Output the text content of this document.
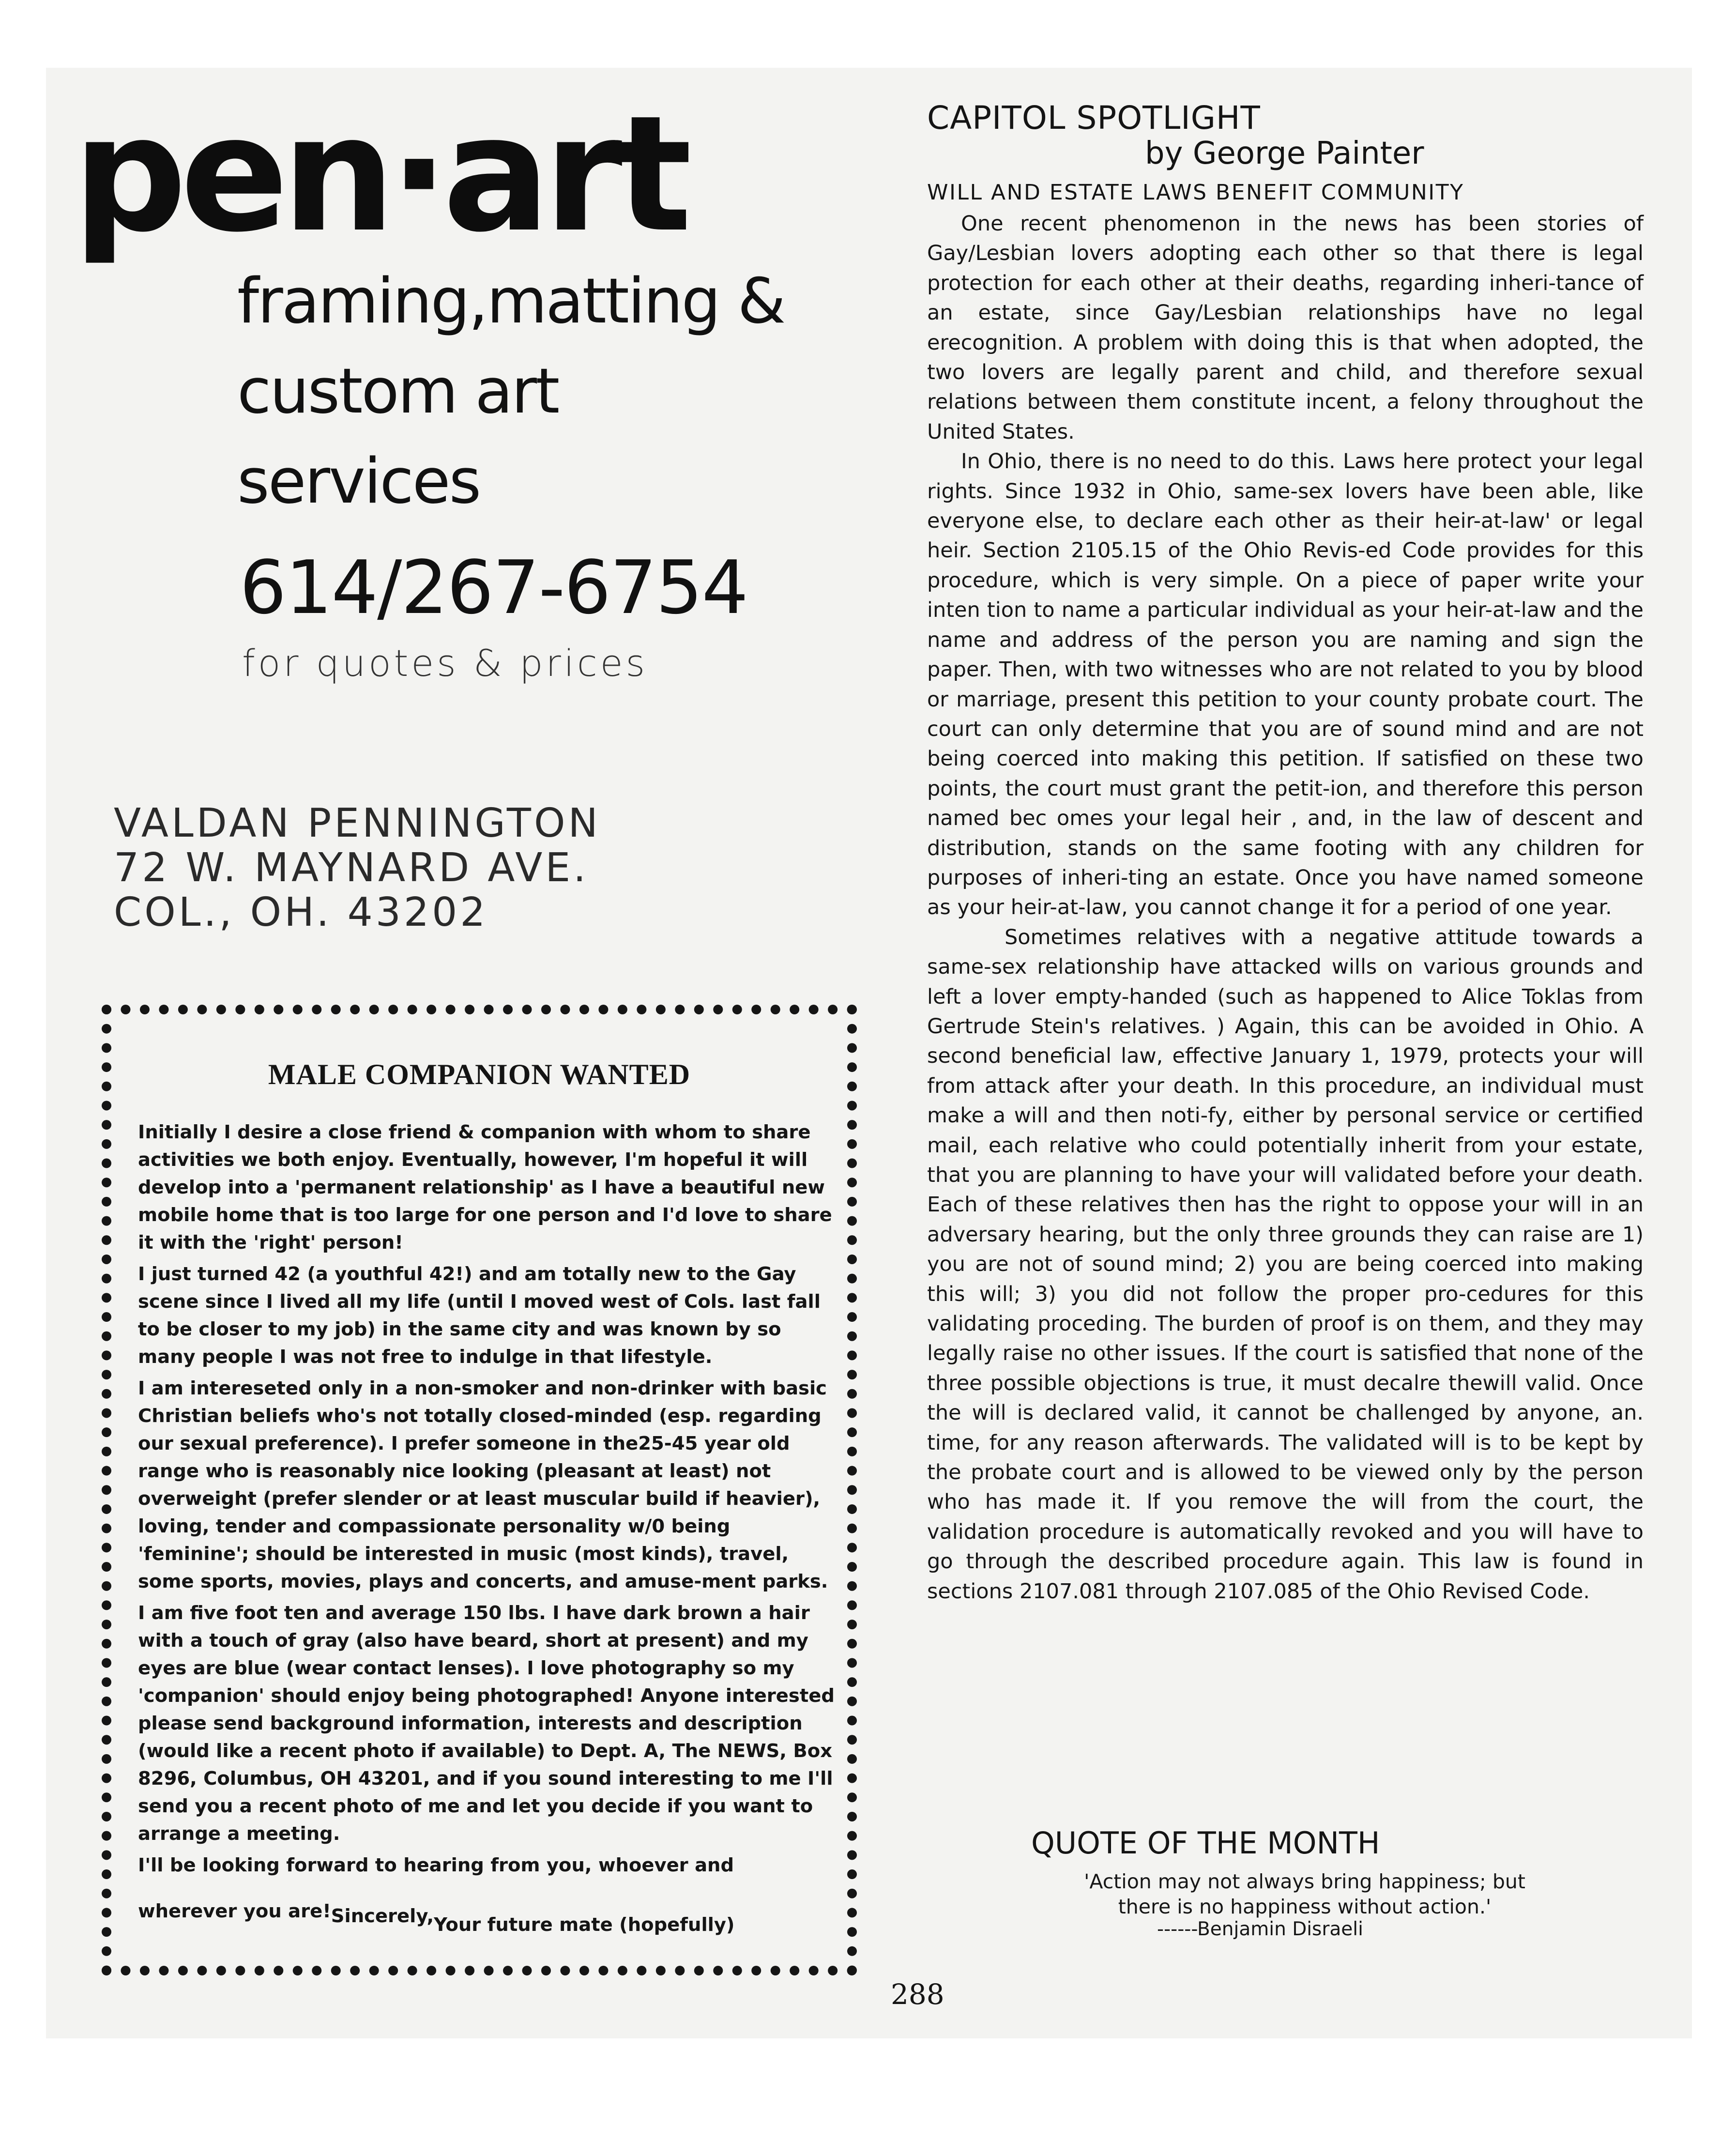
pen·art
framing,matting &
custom art
services
614/267-6754
for quotes & prices
VALDAN PENNINGTON
72 W. MAYNARD AVE.
COL., OH. 43202
MALE COMPANION WANTED

Initially I desire a close friend & companion with whom to share activities we both enjoy. Eventually, however, I'm hopeful it will develop into a 'permanent relationship' as I have a beautiful new mobile home that is too large for one person and I'd love to share it with the 'right' person!

I just turned 42 (a youthful 42!) and am totally new to the Gay scene since I lived all my life (until I moved west of Cols. last fall to be closer to my job) in the same city and was known by so many people I was not free to indulge in that lifestyle.

I am intereseted only in a non-smoker and non-drinker with basic Christian beliefs who's not totally closed-minded (esp. regarding our sexual preference). I prefer someone in the25-45 year old range who is reasonably nice looking (pleasant at least) not overweight (prefer slender or at least muscular build if heavier), loving, tender and compassionate personality w/0 being 'feminine'; should be interested in music (most kinds), travel, some sports, movies, plays and concerts, and amuse-ment parks.

I am five foot ten and average 150 lbs. I have dark brown a hair with a touch of gray (also have beard, short at present) and my eyes are blue (wear contact lenses). I love photography so my 'companion' should enjoy being photographed! Anyone interested please send background information, interests and description (would like a recent photo if available) to Dept. A, The NEWS, Box 8296, Columbus, OH 43201, and if you sound interesting to me I'll send you a recent photo of me and let you decide if you want to arrange a meeting.

I'll be looking forward to hearing from you, whoever and

wherever you are!Sincerely,Your future mate (hopefully)
CAPITOL SPOTLIGHT
by George Painter
WILL AND ESTATE LAWS BENEFIT COMMUNITY

One recent phenomenon in the news has been stories of Gay/Lesbian lovers adopting each other so that there is legal protection for each other at their deaths, regarding inheri-tance of an estate, since Gay/Lesbian relationships have no legal erecognition. A problem with doing this is that when adopted, the two lovers are legally parent and child, and therefore sexual relations between them constitute incent, a felony throughout the United States.

In Ohio, there is no need to do this. Laws here protect your legal rights. Since 1932 in Ohio, same-sex lovers have been able, like everyone else, to declare each other as their heir-at-law' or legal heir. Section 2105.15 of the Ohio Revis-ed Code provides for this procedure, which is very simple. On a piece of paper write your inten tion to name a particular individual as your heir-at-law and the name and address of the person you are naming and sign the paper. Then, with two witnesses who are not related to you by blood or marriage, present this petition to your county probate court. The court can only determine that you are of sound mind and are not being coerced into making this petition. If satisfied on these two points, the court must grant the petit-ion, and therefore this person named bec omes your legal heir , and, in the law of descent and distribution, stands on the same footing with any children for purposes of inheri-ting an estate. Once you have named someone as your heir-at-law, you cannot change it for a period of one year.

Sometimes relatives with a negative attitude towards a same-sex relationship have attacked wills on various grounds and left a lover empty-handed (such as happened to Alice Toklas from Gertrude Stein's relatives. ) Again, this can be avoided in Ohio. A second beneficial law, effective January 1, 1979, protects your will from attack after your death. In this procedure, an individual must make a will and then noti-fy, either by personal service or certified mail, each relative who could potentially inherit from your estate, that you are planning to have your will validated before your death. Each of these relatives then has the right to oppose your will in an adversary hearing, but the only three grounds they can raise are 1) you are not of sound mind; 2) you are being coerced into making this will; 3) you did not follow the proper pro-cedures for this validating proceding. The burden of proof is on them, and they may legally raise no other issues. If the court is satisfied that none of the three possible objections is true, it must decalre thewill valid. Once the will is declared valid, it cannot be challenged by anyone, an. time, for any reason afterwards. The validated will is to be kept by the probate court and is allowed to be viewed only by the person who has made it. If you remove the will from the court, the validation procedure is automatically revoked and you will have to go through the described procedure again. This law is found in sections 2107.081 through 2107.085 of the Ohio Revised Code.

QUOTE OF THE MONTH
'Action may not always bring happiness; but
there is no happiness without action.'
------Benjamin Disraeli
288
